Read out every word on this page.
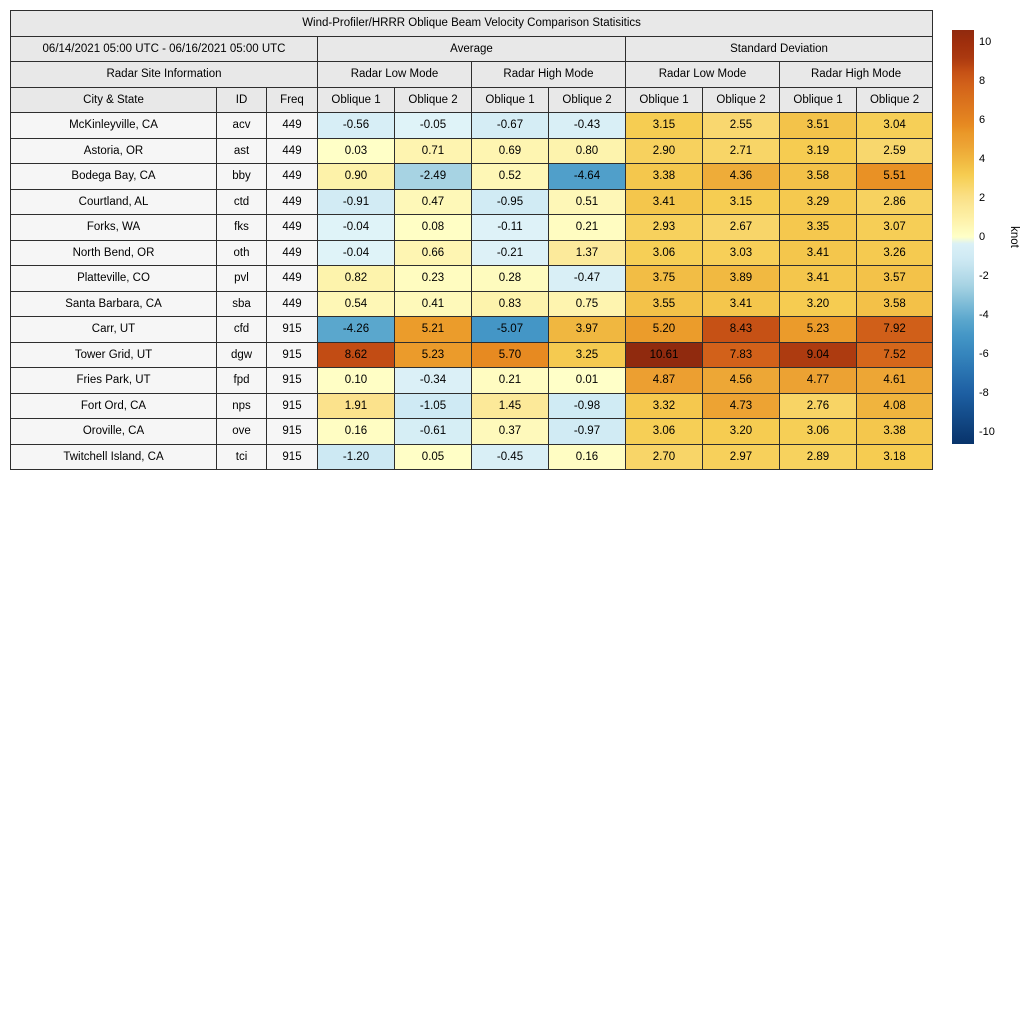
Wind-Profiler/HRRR Oblique Beam Velocity Comparison Statisitics										
06/14/2021 05:00 UTC - 06/16/2021 05:00 UTC			Average				Standard Deviation			
Radar Site Information			Radar Low Mode		Radar High Mode		Radar Low Mode		Radar High Mode	
City & State	ID	Freq	Oblique 1	Oblique 2	Oblique 1	Oblique 2	Oblique 1	Oblique 2	Oblique 1	Oblique 2
McKinleyville, CA	acv	449	-0.56	-0.05	-0.67	-0.43	3.15	2.55	3.51	3.04
Astoria, OR	ast	449	0.03	0.71	0.69	0.80	2.90	2.71	3.19	2.59
Bodega Bay, CA	bby	449	0.90	-2.49	0.52	-4.64	3.38	4.36	3.58	5.51
Courtland, AL	ctd	449	-0.91	0.47	-0.95	0.51	3.41	3.15	3.29	2.86
Forks, WA	fks	449	-0.04	0.08	-0.11	0.21	2.93	2.67	3.35	3.07
North Bend, OR	oth	449	-0.04	0.66	-0.21	1.37	3.06	3.03	3.41	3.26
Platteville, CO	pvl	449	0.82	0.23	0.28	-0.47	3.75	3.89	3.41	3.57
Santa Barbara, CA	sba	449	0.54	0.41	0.83	0.75	3.55	3.41	3.20	3.58
Carr, UT	cfd	915	-4.26	5.21	-5.07	3.97	5.20	8.43	5.23	7.92
Tower Grid, UT	dgw	915	8.62	5.23	5.70	3.25	10.61	7.83	9.04	7.52
Fries Park, UT	fpd	915	0.10	-0.34	0.21	0.01	4.87	4.56	4.77	4.61
Fort Ord, CA	nps	915	1.91	-1.05	1.45	-0.98	3.32	4.73	2.76	4.08
Oroville, CA	ove	915	0.16	-0.61	0.37	-0.97	3.06	3.20	3.06	3.38
Twitchell Island, CA	tci	915	-1.20	0.05	-0.45	0.16	2.70	2.97	2.89	3.18
10
8
6
4
2
0
-2
-4
-6
-8
-10
knot
